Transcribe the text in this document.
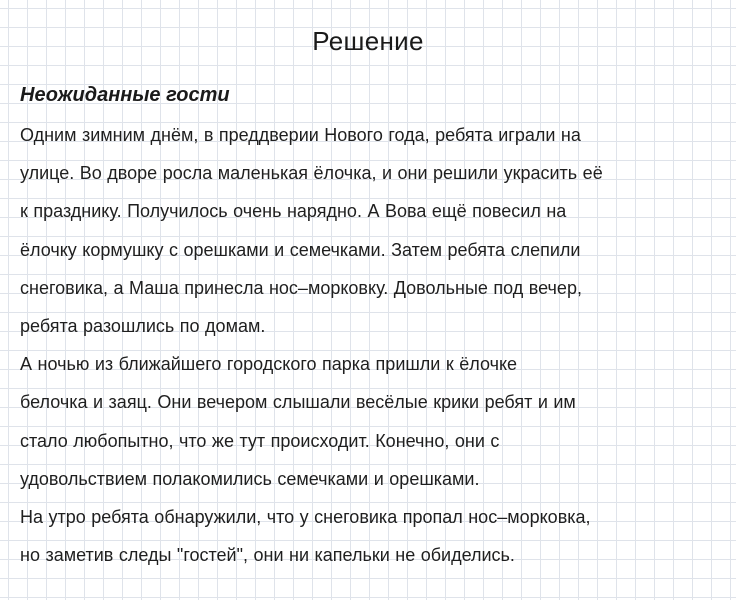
Решение
Неожиданные гости
Одним зимним днём, в преддверии Нового года, ребята играли на
улице. Во дворе росла маленькая ёлочка, и они решили украсить её
к празднику. Получилось очень нарядно. А Вова ещё повесил на
ёлочку кормушку с орешками и семечками. Затем ребята слепили
снеговика, а Маша принесла нос–морковку. Довольные под вечер,
ребята разошлись по домам.
А ночью из ближайшего городского парка пришли к ёлочке
белочка и заяц. Они вечером слышали весёлые крики ребят и им
стало любопытно, что же тут происходит. Конечно, они с
удовольствием полакомились семечками и орешками.
На утро ребята обнаружили, что у снеговика пропал нос–морковка,
но заметив следы "гостей", они ни капельки не обиделись.
